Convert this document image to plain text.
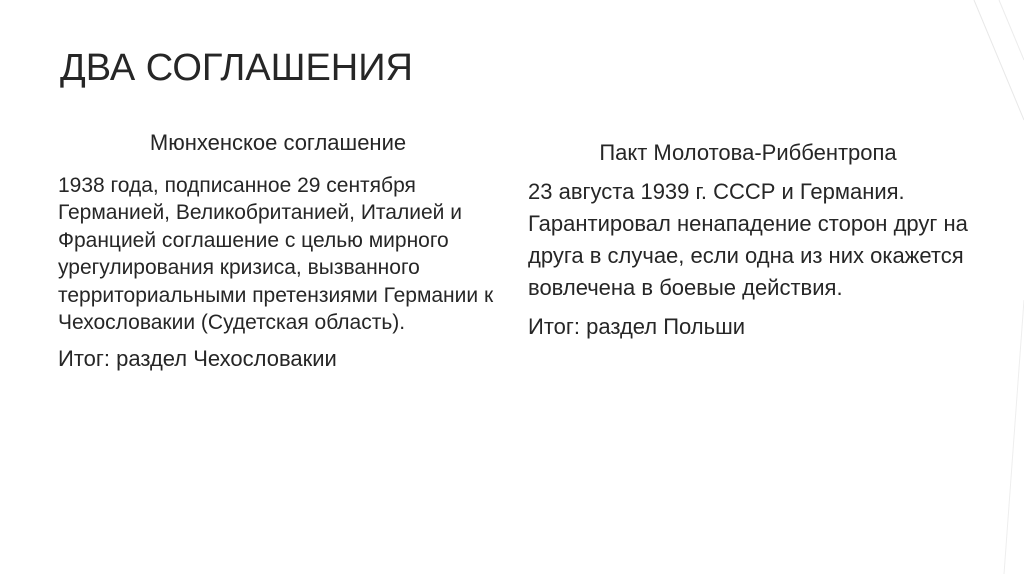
ДВА СОГЛАШЕНИЯ

Мюнхенское соглашение

1938 года, подписанное 29 сентября Германией, Великобританией, Италией и Францией соглашение с целью мирного урегулирования кризиса, вызванного территориальными претензиями Германии к Чехословакии (Судетская область).

Итог: раздел Чехословакии

Пакт Молотова-Риббентропа

23 августа 1939 г. СССР и Германия. Гарантировал ненападение сторон друг на друга в случае, если одна из них окажется вовлечена в боевые действия.

Итог: раздел Польши
